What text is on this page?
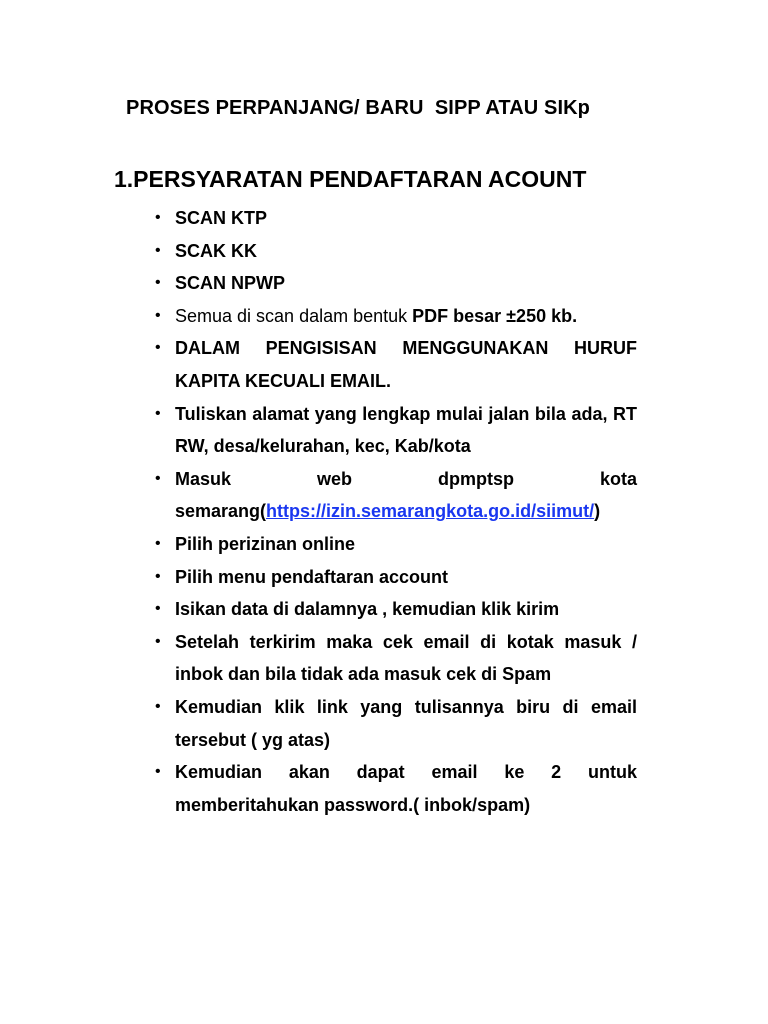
PROSES PERPANJANG/ BARU  SIPP ATAU SIKp
1.PERSYARATAN PENDAFTARAN ACOUNT
• SCAN KTP
• SCAK KK
• SCAN NPWP
• Semua di scan dalam bentuk PDF besar ±250 kb.
• DALAM PENGISISAN MENGGUNAKAN HURUF KAPITA KECUALI EMAIL.
• Tuliskan alamat yang lengkap mulai jalan bila ada, RT RW, desa/kelurahan, kec, Kab/kota
• Masuk web dpmptsp kota
semarang(https://izin.semarangkota.go.id/siimut/)
• Pilih perizinan online
• Pilih menu pendaftaran account
• Isikan data di dalamnya , kemudian klik kirim
• Setelah terkirim maka cek email di kotak masuk / inbok dan bila tidak ada masuk cek di Spam
• Kemudian klik link yang tulisannya biru di email tersebut ( yg atas)
• Kemudian akan dapat email ke 2 untuk memberitahukan password.( inbok/spam)
